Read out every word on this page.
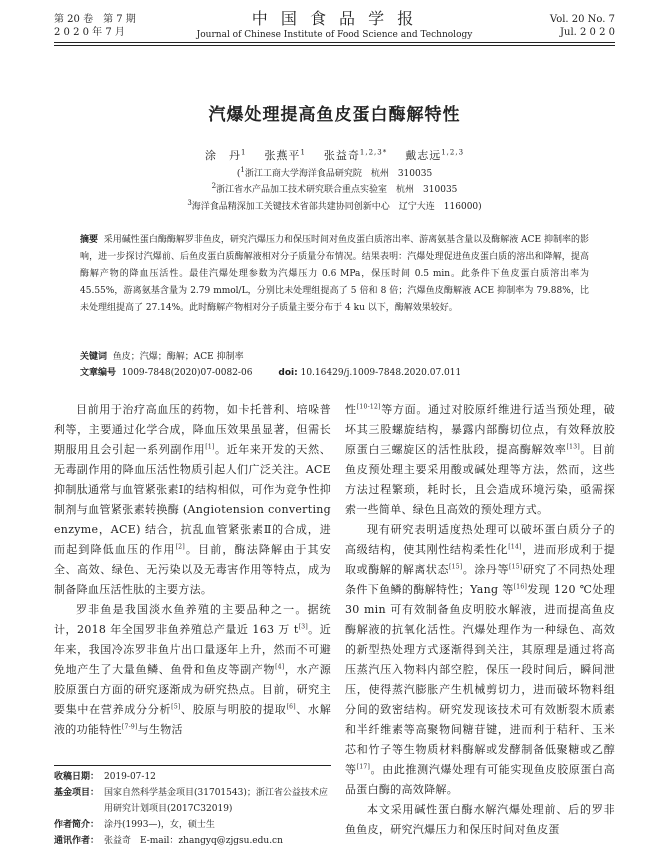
第 20 卷　第 7 期
2 0 2 0 年 7 月
中 国 食 品 学 报
Journal of Chinese Institute of Food Science and Technology
Vol. 20 No. 7
Jul. 2 0 2 0
汽爆处理提高鱼皮蛋白酶解特性
涂　丹$^1$ 张燕平$^1$ 张益奇$^{1,2,3*}$ 戴志远$^{1,2,3}$
($^1$浙江工商大学海洋食品研究院　杭州　310035
$^2$浙江省水产品加工技术研究联合重点实验室　杭州　310035
$^3$海洋食品精深加工关键技术省部共建协同创新中心　辽宁大连　116000)
摘要 采用碱性蛋白酶酶解罗非鱼皮，研究汽爆压力和保压时间对鱼皮蛋白质溶出率、游离氨基含量以及酶解液 ACE 抑制率的影响，进一步探讨汽爆前、后鱼皮蛋白质酶解液相对分子质量分布情况。结果表明：汽爆处理促进鱼皮蛋白质的溶出和降解，提高酶解产物的降血压活性。最佳汽爆处理参数为汽爆压力 0.6 MPa，保压时间 0.5 min。此条件下鱼皮蛋白质溶出率为 45.55%，游离氨基含量为 2.79 mmol/L，分别比未处理组提高了 5 倍和 8 倍；汽爆鱼皮酶解液 ACE 抑制率为 79.88%，比未处理组提高了 27.14%。此时酶解产物相对分子质量主要分布于 4 ku 以下，酶解效果较好。
关键词 鱼皮；汽爆；酶解；ACE 抑制率
文章编号 1009-7848(2020)07-0082-06	doi: 10.16429/j.1009-7848.2020.07.011

目前用于治疗高血压的药物，如卡托普利、培哚普利等，主要通过化学合成，降血压效果虽显著，但需长期服用且会引起一系列副作用[1]。近年来开发的天然、无毒副作用的降血压活性物质引起人们广泛关注。ACE 抑制肽通常与血管紧张素Ⅰ的结构相似，可作为竞争性抑制剂与血管紧张素转换酶 (Angiotension converting enzyme，ACE) 结合，抗乱血管紧张素Ⅱ的合成，进而起到降低血压的作用[2]。目前，酶法降解由于其安全、高效、绿色、无污染以及无毒害作用等特点，成为制备降血压活性肽的主要方法。

罗非鱼是我国淡水鱼养殖的主要品种之一。据统计，2018 年全国罗非鱼养殖总产量近 163 万 t[3]。近年来，我国冷冻罗非鱼片出口量逐年上升，然而不可避免地产生了大量鱼鳞、鱼骨和鱼皮等副产物[4]，水产源胶原蛋白方面的研究逐渐成为研究热点。目前，研究主要集中在营养成分分析[5]、胶原与明胶的提取[6]、水解液的功能特性[7-9]与生物活

性[10-12]等方面。通过对胶原纤维进行适当预处理，破坏其三股螺旋结构，暴露内部酶切位点，有效释放胶原蛋白三螺旋区的活性肽段，提高酶解效率[13]。目前鱼皮预处理主要采用酸或碱处理等方法，然而，这些方法过程繁琐，耗时长，且会造成环境污染，亟需探索一些简单、绿色且高效的预处理方式。

现有研究表明适度热处理可以破坏蛋白质分子的高级结构，使其刚性结构柔性化[14]，进而形成利于提取或酶解的解离状态[15]。涂丹等[15]研究了不同热处理条件下鱼鳞的酶解特性；Yang 等[16]发现 120 ℃处理 30 min 可有效制备鱼皮明胶水解液，进而提高鱼皮酶解液的抗氧化活性。汽爆处理作为一种绿色、高效的新型热处理方式逐渐得到关注，其原理是通过将高压蒸汽压入物料内部空腔，保压一段时间后，瞬间泄压，使得蒸汽膨胀产生机械剪切力，进而破坏物料组分间的致密结构。研究发现该技术可有效断裂木质素和半纤维素等高聚物间糖苷键，进而利于秸秆、玉米芯和竹子等生物质材料酶解或发酵制备低聚糖或乙醇等[17]。由此推测汽爆处理有可能实现鱼皮胶原蛋白高品蛋白酶的高效降解。

本文采用碱性蛋白酶水解汽爆处理前、后的罗非鱼鱼皮，研究汽爆压力和保压时间对鱼皮蛋

收稿日期： 2019-07-12
基金项目： 国家自然科学基金项目(31701543)；浙江省公益技术应用研究计划项目(2017C32019)
作者简介： 涂丹(1993—)，女，硕士生
通讯作者： 张益奇　E-mail：zhangyq@zjgsu.edu.cn
